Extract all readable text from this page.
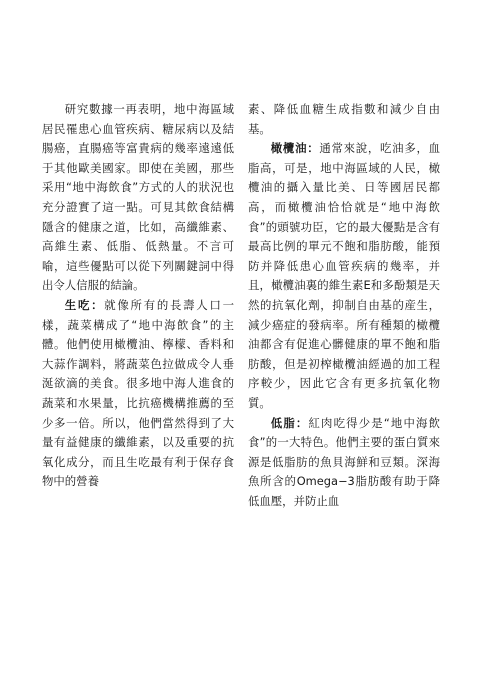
研究數據一再表明，地中海區域居民罹患心血管疾病、糖尿病以及結腸癌，直腸癌等富貴病的幾率遠遠低于其他歐美國家。即使在美國，那些采用“地中海飲食”方式的人的狀況也充分證實了這一點。可見其飲食結構隱含的健康之道，比如，高纖維素、高維生素、低脂、低熱量。不言可喻，這些優點可以從下列關鍵詞中得出令人信服的結論。

生吃：就像所有的長壽人口一樣，蔬菜構成了“地中海飲食”的主體。他們使用橄欖油、檸檬、香料和大蒜作調料，將蔬菜色拉做成令人垂涎欲滴的美食。很多地中海人進食的蔬菜和水果量，比抗癌機構推薦的至少多一倍。所以，他們當然得到了大量有益健康的纖維素，以及重要的抗氧化成分，而且生吃最有利于保存食物中的營養

素、降低血糖生成指數和減少自由基。

橄欖油：通常來說，吃油多，血脂高，可是，地中海區域的人民，橄欖油的攝入量比美、日等國居民都高，而橄欖油恰恰就是“地中海飲食”的頭號功臣，它的最大優點是含有最高比例的單元不飽和脂肪酸，能預防并降低患心血管疾病的幾率，并且，橄欖油裏的維生素E和多酚類是天然的抗氧化劑，抑制自由基的産生，減少癌症的發病率。所有種類的橄欖油都含有促進心髒健康的單不飽和脂肪酸，但是初榨橄欖油經過的加工程序較少，因此它含有更多抗氧化物質。

低脂：紅肉吃得少是“地中海飲食”的一大特色。他們主要的蛋白質來源是低脂肪的魚貝海鮮和豆類。深海魚所含的Omega−3脂肪酸有助于降低血壓，并防止血
